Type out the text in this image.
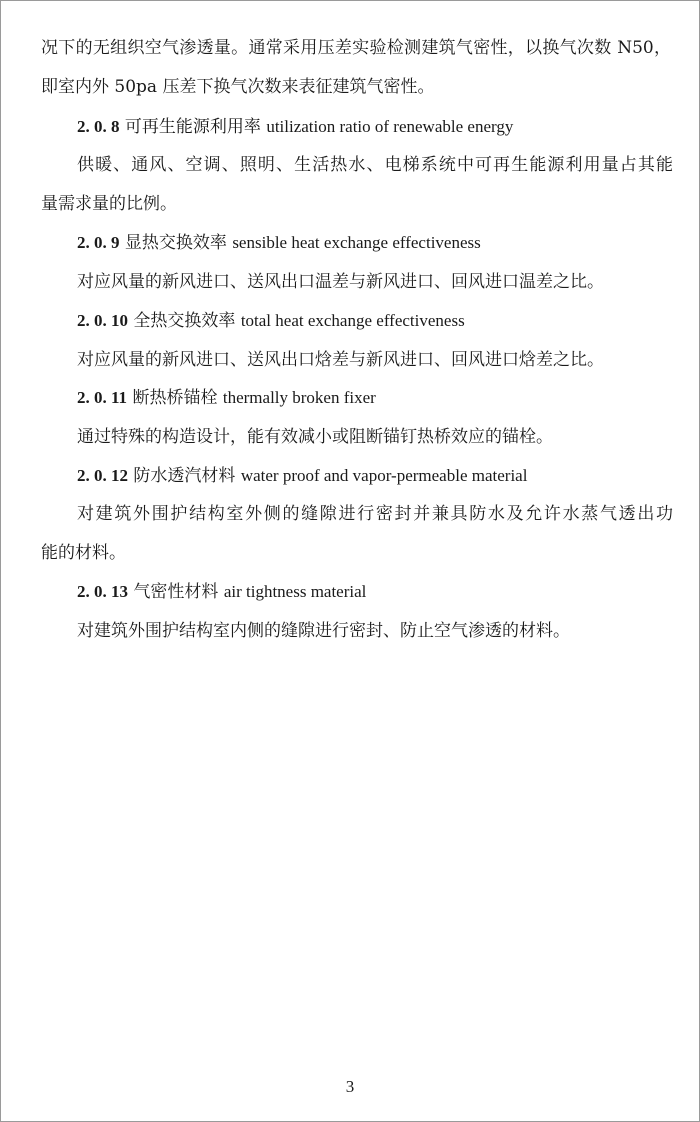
况下的无组织空气渗透量。通常采用压差实验检测建筑气密性，以换气次数 N50，
即室内外 50pa 压差下换气次数来表征建筑气密性。
2. 0. 8 可再生能源利用率 utilization ratio of renewable energy
供暖、通风、空调、照明、生活热水、电梯系统中可再生能源利用量占其能
量需求量的比例。
2. 0. 9 显热交换效率 sensible heat exchange effectiveness
对应风量的新风进口、送风出口温差与新风进口、回风进口温差之比。
2. 0. 10 全热交换效率 total heat exchange effectiveness
对应风量的新风进口、送风出口焓差与新风进口、回风进口焓差之比。
2. 0. 11 断热桥锚栓 thermally broken fixer
通过特殊的构造设计，能有效减小或阻断锚钉热桥效应的锚栓。
2. 0. 12 防水透汽材料 water proof and vapor-permeable material
对建筑外围护结构室外侧的缝隙进行密封并兼具防水及允许水蒸气透出功
能的材料。
2. 0. 13 气密性材料 air tightness material
对建筑外围护结构室内侧的缝隙进行密封、防止空气渗透的材料。
3
